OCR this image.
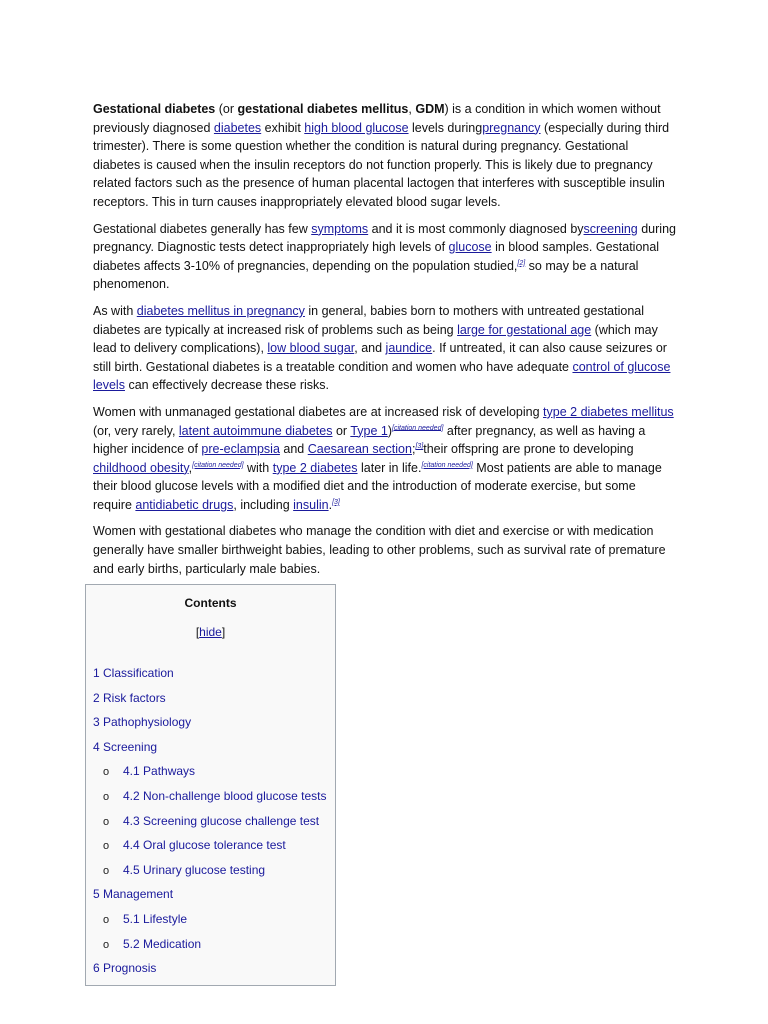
Gestational diabetes (or gestational diabetes mellitus, GDM) is a condition in which women without previously diagnosed diabetes exhibit high blood glucose levels duringpregnancy (especially during third trimester). There is some question whether the condition is natural during pregnancy. Gestational diabetes is caused when the insulin receptors do not function properly. This is likely due to pregnancy related factors such as the presence of human placental lactogen that interferes with susceptible insulin receptors. This in turn causes inappropriately elevated blood sugar levels.

Gestational diabetes generally has few symptoms and it is most commonly diagnosed byscreening during pregnancy. Diagnostic tests detect inappropriately high levels of glucose in blood samples. Gestational diabetes affects 3-10% of pregnancies, depending on the population studied,[2] so may be a natural phenomenon.

As with diabetes mellitus in pregnancy in general, babies born to mothers with untreated gestational diabetes are typically at increased risk of problems such as being large for gestational age (which may lead to delivery complications), low blood sugar, and jaundice. If untreated, it can also cause seizures or still birth. Gestational diabetes is a treatable condition and women who have adequate control of glucose levels can effectively decrease these risks.

Women with unmanaged gestational diabetes are at increased risk of developing type 2 diabetes mellitus (or, very rarely, latent autoimmune diabetes or Type 1)[citation needed] after pregnancy, as well as having a higher incidence of pre-eclampsia and Caesarean section;[3]their offspring are prone to developing childhood obesity,[citation needed] with type 2 diabetes later in life.[citation needed] Most patients are able to manage their blood glucose levels with a modified diet and the introduction of moderate exercise, but some require antidiabetic drugs, including insulin.[3]

Women with gestational diabetes who manage the condition with diet and exercise or with medication generally have smaller birthweight babies, leading to other problems, such as survival rate of premature and early births, particularly male babies.

Contents
[hide]
1 Classification
2 Risk factors
3 Pathophysiology
4 Screening
o 4.1 Pathways
o 4.2 Non-challenge blood glucose tests
o 4.3 Screening glucose challenge test
o 4.4 Oral glucose tolerance test
o 4.5 Urinary glucose testing
5 Management
o 5.1 Lifestyle
o 5.2 Medication
6 Prognosis
